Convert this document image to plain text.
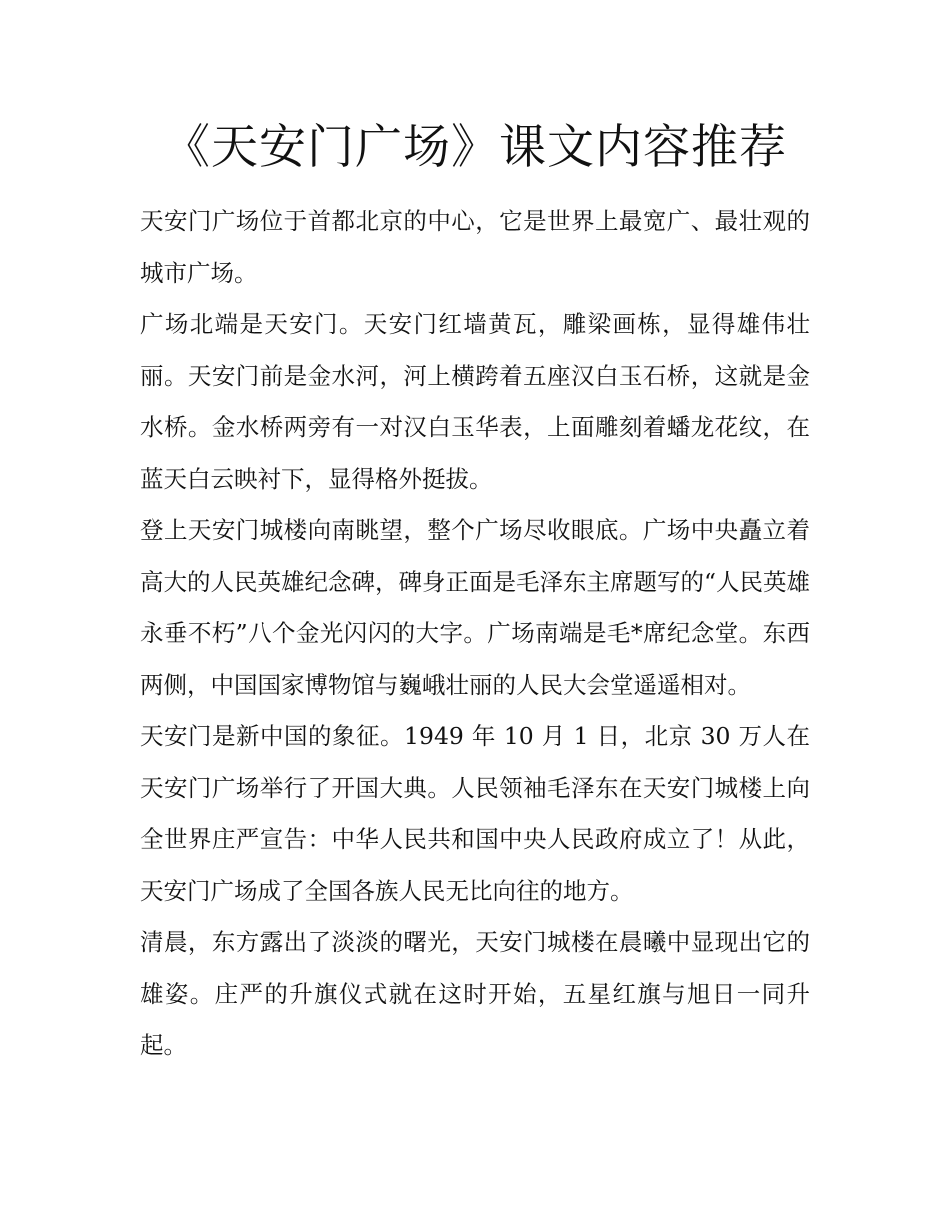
《天安门广场》课文内容推荐

天安门广场位于首都北京的中心，它是世界上最宽广、最壮观的城市广场。

广场北端是天安门。天安门红墙黄瓦，雕梁画栋，显得雄伟壮丽。天安门前是金水河，河上横跨着五座汉白玉石桥，这就是金水桥。金水桥两旁有一对汉白玉华表，上面雕刻着蟠龙花纹，在蓝天白云映衬下，显得格外挺拔。

登上天安门城楼向南眺望，整个广场尽收眼底。广场中央矗立着高大的人民英雄纪念碑，碑身正面是毛泽东主席题写的“人民英雄永垂不朽”八个金光闪闪的大字。广场南端是毛*席纪念堂。东西两侧，中国国家博物馆与巍峨壮丽的人民大会堂遥遥相对。

天安门是新中国的象征。1949 年 10 月 1 日，北京 30 万人在天安门广场举行了开国大典。人民领袖毛泽东在天安门城楼上向全世界庄严宣告：中华人民共和国中央人民政府成立了！从此，天安门广场成了全国各族人民无比向往的地方。

清晨，东方露出了淡淡的曙光，天安门城楼在晨曦中显现出它的雄姿。庄严的升旗仪式就在这时开始，五星红旗与旭日一同升起。
